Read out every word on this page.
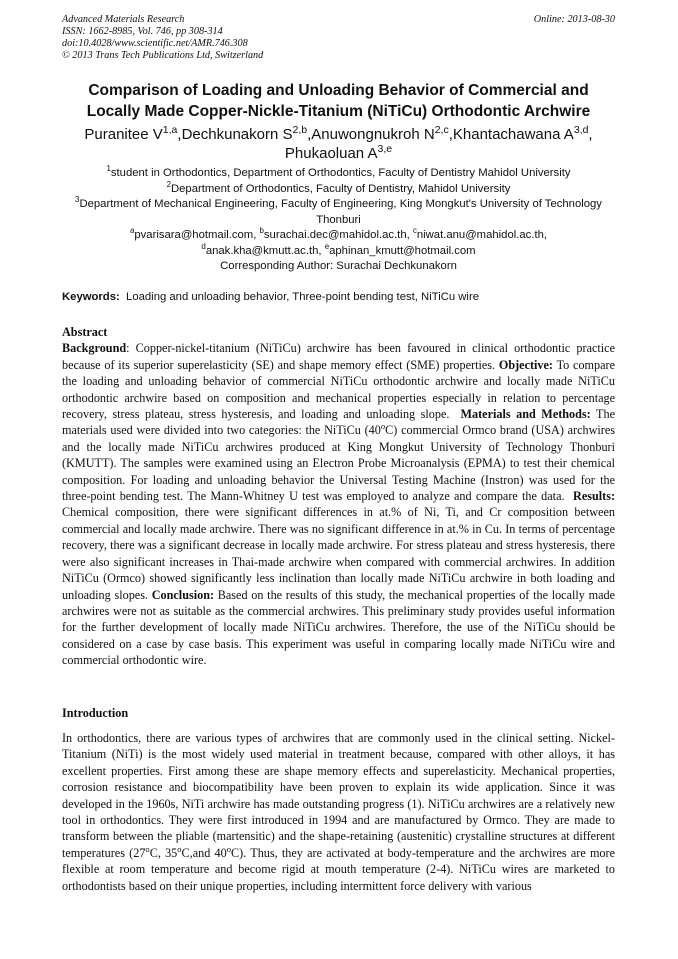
Advanced Materials Research
ISSN: 1662-8985, Vol. 746, pp 308-314
doi:10.4028/www.scientific.net/AMR.746.308
© 2013 Trans Tech Publications Ltd, Switzerland
Online: 2013-08-30
Comparison of Loading and Unloading Behavior of Commercial and Locally Made Copper-Nickle-Titanium (NiTiCu) Orthodontic Archwire
Puranitee V$^{1,a}$,Dechkunakorn S$^{2,b}$,Anuwongnukroh N$^{2,c}$,Khantachawana A$^{3,d}$,
Phukaoluan A$^{3,e}$
$^1$student in Orthodontics, Department of Orthodontics, Faculty of Dentistry Mahidol University
$^2$Department of Orthodontics, Faculty of Dentistry, Mahidol University
$^3$Department of Mechanical Engineering, Faculty of Engineering, King Mongkut's University of Technology Thonburi
$^a$pvarisara@hotmail.com, $^b$surachai.dec@mahidol.ac.th, $^c$niwat.anu@mahidol.ac.th,
$^d$anak.kha@kmutt.ac.th, $^e$aphinan_kmutt@hotmail.com
Corresponding Author: Surachai Dechkunakorn
Keywords: Loading and unloading behavior, Three-point bending test, NiTiCu wire
Abstract
Background: Copper-nickel-titanium (NiTiCu) archwire has been favoured in clinical orthodontic practice because of its superior superelasticity (SE) and shape memory effect (SME) properties. Objective: To compare the loading and unloading behavior of commercial NiTiCu orthodontic archwire and locally made NiTiCu orthodontic archwire based on composition and mechanical properties especially in relation to percentage recovery, stress plateau, stress hysteresis, and loading and unloading slope. Materials and Methods: The materials used were divided into two categories: the NiTiCu (40$^o$C) commercial Ormco brand (USA) archwires and the locally made NiTiCu archwires produced at King Mongkut University of Technology Thonburi (KMUTT). The samples were examined using an Electron Probe Microanalysis (EPMA) to test their chemical composition. For loading and unloading behavior the Universal Testing Machine (Instron) was used for the three-point bending test. The Mann-Whitney U test was employed to analyze and compare the data. Results: Chemical composition, there were significant differences in at.% of Ni, Ti, and Cr composition between commercial and locally made archwire. There was no significant difference in at.% in Cu. In terms of percentage recovery, there was a significant decrease in locally made archwire. For stress plateau and stress hysteresis, there were also significant increases in Thai-made archwire when compared with commercial archwires. In addition NiTiCu (Ormco) showed significantly less inclination than locally made NiTiCu archwire in both loading and unloading slopes. Conclusion: Based on the results of this study, the mechanical properties of the locally made archwires were not as suitable as the commercial archwires. This preliminary study provides useful information for the further development of locally made NiTiCu archwires. Therefore, the use of the NiTiCu should be considered on a case by case basis. This experiment was useful in comparing locally made NiTiCu wire and commercial orthodontic wire.
Introduction
In orthodontics, there are various types of archwires that are commonly used in the clinical setting. Nickel-Titanium (NiTi) is the most widely used material in treatment because, compared with other alloys, it has excellent properties. First among these are shape memory effects and superelasticity. Mechanical properties, corrosion resistance and biocompatibility have been proven to explain its wide application. Since it was developed in the 1960s, NiTi archwire has made outstanding progress (1). NiTiCu archwires are a relatively new tool in orthodontics. They were first introduced in 1994 and are manufactured by Ormco. They are made to transform between the pliable (martensitic) and the shape-retaining (austenitic) crystalline structures at different temperatures (27$^o$C, 35$^o$C,and 40$^o$C). Thus, they are activated at body-temperature and the archwires are more flexible at room temperature and become rigid at mouth temperature (2-4). NiTiCu wires are marketed to orthodontists based on their unique properties, including intermittent force delivery with various
